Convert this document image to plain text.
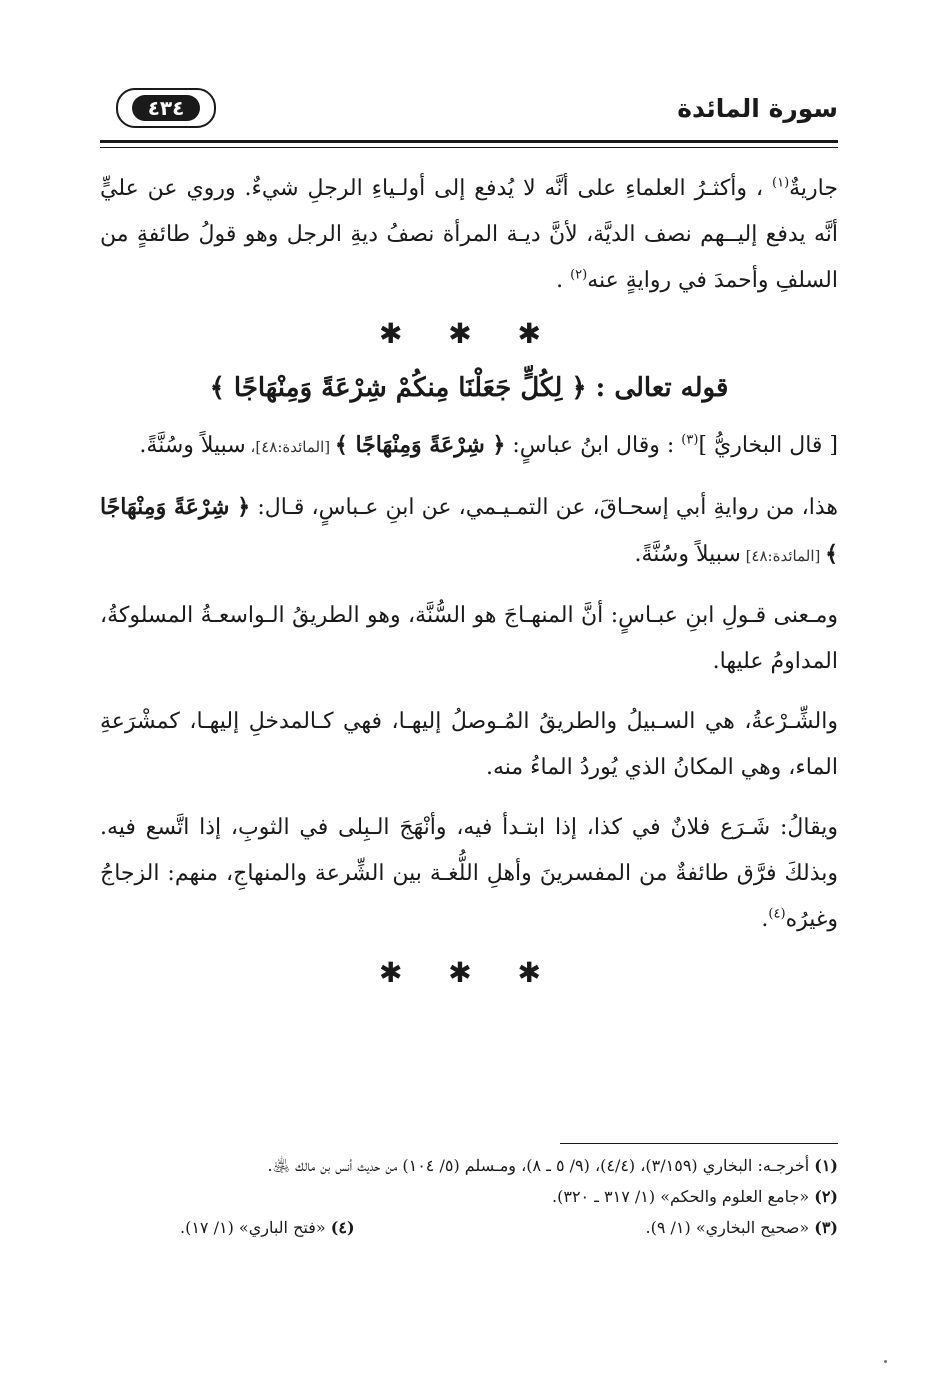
سورة المائدة
٤٣٤

جاريةٌ$^{(١)}$ ، وأكثـرُ العلماءِ على أنَّه لا يُدفع إلى أولـياءِ الرجلِ شيءٌ. وروي عن عليٍّ أنَّه يدفع إليــهم نصف الديَّة، لأنَّ ديـة المرأة نصفُ ديةِ الرجل وهو قولُ طائفةٍ من السلفِ وأحمدَ في روايةٍ عنه$^{(٢)}$ .

✱ ✱ ✱
قوله تعالى : ﴿ لِكُلٍّ جَعَلْنَا مِنكُمْ شِرْعَةً وَمِنْهَاجًا ﴾

[ قال البخاريُّ ]$^{(٣)}$ : وقال ابنُ عباسٍ: ﴿ شِرْعَةً وَمِنْهَاجًا ﴾ [المائدة:٤٨]، سبيلاً وسُنَّةً.

هذا، من روايةِ أبي إسحـاقَ، عن التمـيـمي، عن ابنِ عـباسٍ، قـال: ﴿ شِرْعَةً وَمِنْهَاجًا ﴾ [المائدة:٤٨] سبيلاً وسُنَّةً.

ومـعنى قـولِ ابنِ عبـاسٍ: أنَّ المنهـاجَ هو السُّنَّة، وهو الطريقُ الـواسعـةُ المسلوكةُ، المداومُ عليها.

والشِّـرْعةُ، هي السـبيلُ والطريقُ المُـوصلُ إليهـا، فهي كـالمدخلِ إليهـا، كمشْرَعةِ الماء، وهي المكانُ الذي يُوردُ الماءُ منه.

ويقالُ: شَـرَع فلانٌ في كذا، إذا ابتـدأ فيه، وأنْهَجَ الـبِلى في الثوبِ، إذا اتَّسع فيه. وبذلكَ فرَّق طائفةٌ من المفسرينَ وأهلِ اللُّغـة بين الشِّرعة والمنهاجِ، منهم: الزجاجُ وغيرُه$^{(٤)}$.

✱ ✱ ✱

(١) أخرجـه: البخاري (٣/١٥٩)، (٤/٤)، (٩/ ٥ ـ ٨)، ومـسلم (٥/ ١٠٤) من حديث أنس بن مالك ﵁.

(٢) «جامع العلوم والحكم» (١/ ٣١٧ ـ ٣٢٠).

(٣) «صحيح البخاري» (١/ ٩).

(٤) «فتح الباري» (١/ ١٧).
